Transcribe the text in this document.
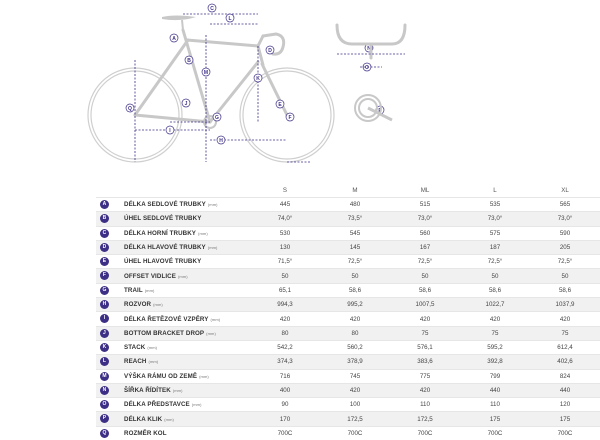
C
L
A
B
M
D
K
E
J
Q
G
I
H
F
N
O
P
	S	M	ML	L	XL

A DÉLKA SEDLOVÉ TRUBKY (mm)	445	480	515	535	565

B ÚHEL SEDLOVÉ TRUBKY	74,0°	73,5°	73,0°	73,0°	73,0°

C DÉLKA HORNÍ TRUBKY (mm)	530	545	560	575	590

D DÉLKA HLAVOVÉ TRUBKY (mm)	130	145	167	187	205

E ÚHEL HLAVOVÉ TRUBKY	71,5°	72,5°	72,5°	72,5°	72,5°

F OFFSET VIDLICE (mm)	50	50	50	50	50

G TRAIL (mm)	65,1	58,6	58,6	58,6	58,6

H ROZVOR (mm)	994,3	995,2	1007,5	1022,7	1037,9

I DÉLKA ŘETĚZOVÉ VZPĚRY (mm)	420	420	420	420	420

J BOTTOM BRACKET DROP (mm)	80	80	75	75	75

K STACK (mm)	542,2	560,2	576,1	595,2	612,4

L REACH (mm)	374,3	378,9	383,6	392,8	402,6

M VÝŠKA RÁMU OD ZEMĚ (mm)	716	745	775	799	824

N ŠÍŘKA ŘÍDÍTEK (mm)	400	420	420	440	440

O DÉLKA PŘEDSTAVCE (mm)	90	100	110	110	120

P DÉLKA KLIK (mm)	170	172,5	172,5	175	175

Q ROZMĚR KOL	700C	700C	700C	700C	700C
